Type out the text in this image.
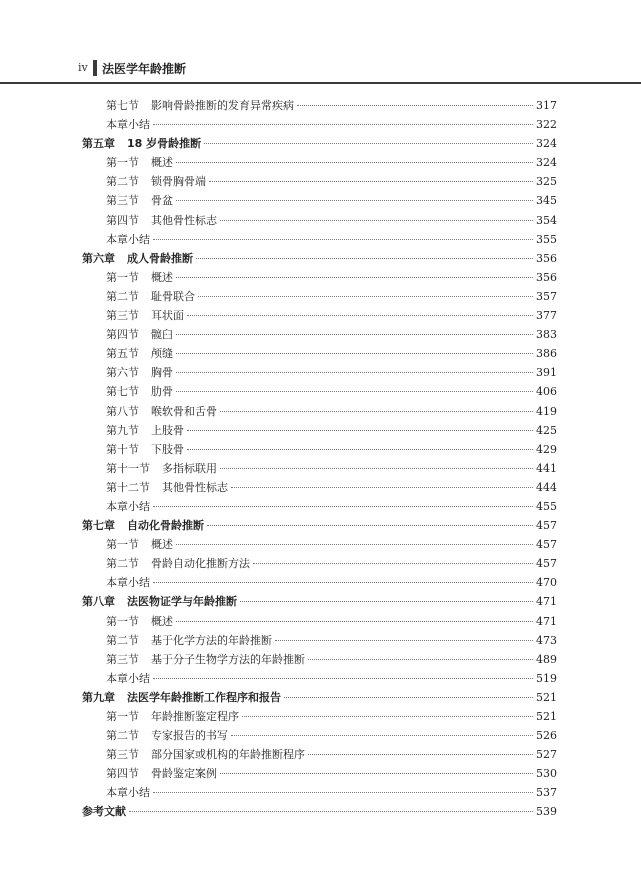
iv 法医学年龄推断
第七节 影响骨龄推断的发育异常疾病	317
本章小结	322
第五章 18 岁骨龄推断	324
第一节 概述	324
第二节 锁骨胸骨端	325
第三节 骨盆	345
第四节 其他骨性标志	354
本章小结	355
第六章 成人骨龄推断	356
第一节 概述	356
第二节 耻骨联合	357
第三节 耳状面	377
第四节 髋臼	383
第五节 颅缝	386
第六节 胸骨	391
第七节 肋骨	406
第八节 喉软骨和舌骨	419
第九节 上肢骨	425
第十节 下肢骨	429
第十一节 多指标联用	441
第十二节 其他骨性标志	444
本章小结	455
第七章 自动化骨龄推断	457
第一节 概述	457
第二节 骨龄自动化推断方法	457
本章小结	470
第八章 法医物证学与年龄推断	471
第一节 概述	471
第二节 基于化学方法的年龄推断	473
第三节 基于分子生物学方法的年龄推断	489
本章小结	519
第九章 法医学年龄推断工作程序和报告	521
第一节 年龄推断鉴定程序	521
第二节 专家报告的书写	526
第三节 部分国家或机构的年龄推断程序	527
第四节 骨龄鉴定案例	530
本章小结	537
参考文献	539
